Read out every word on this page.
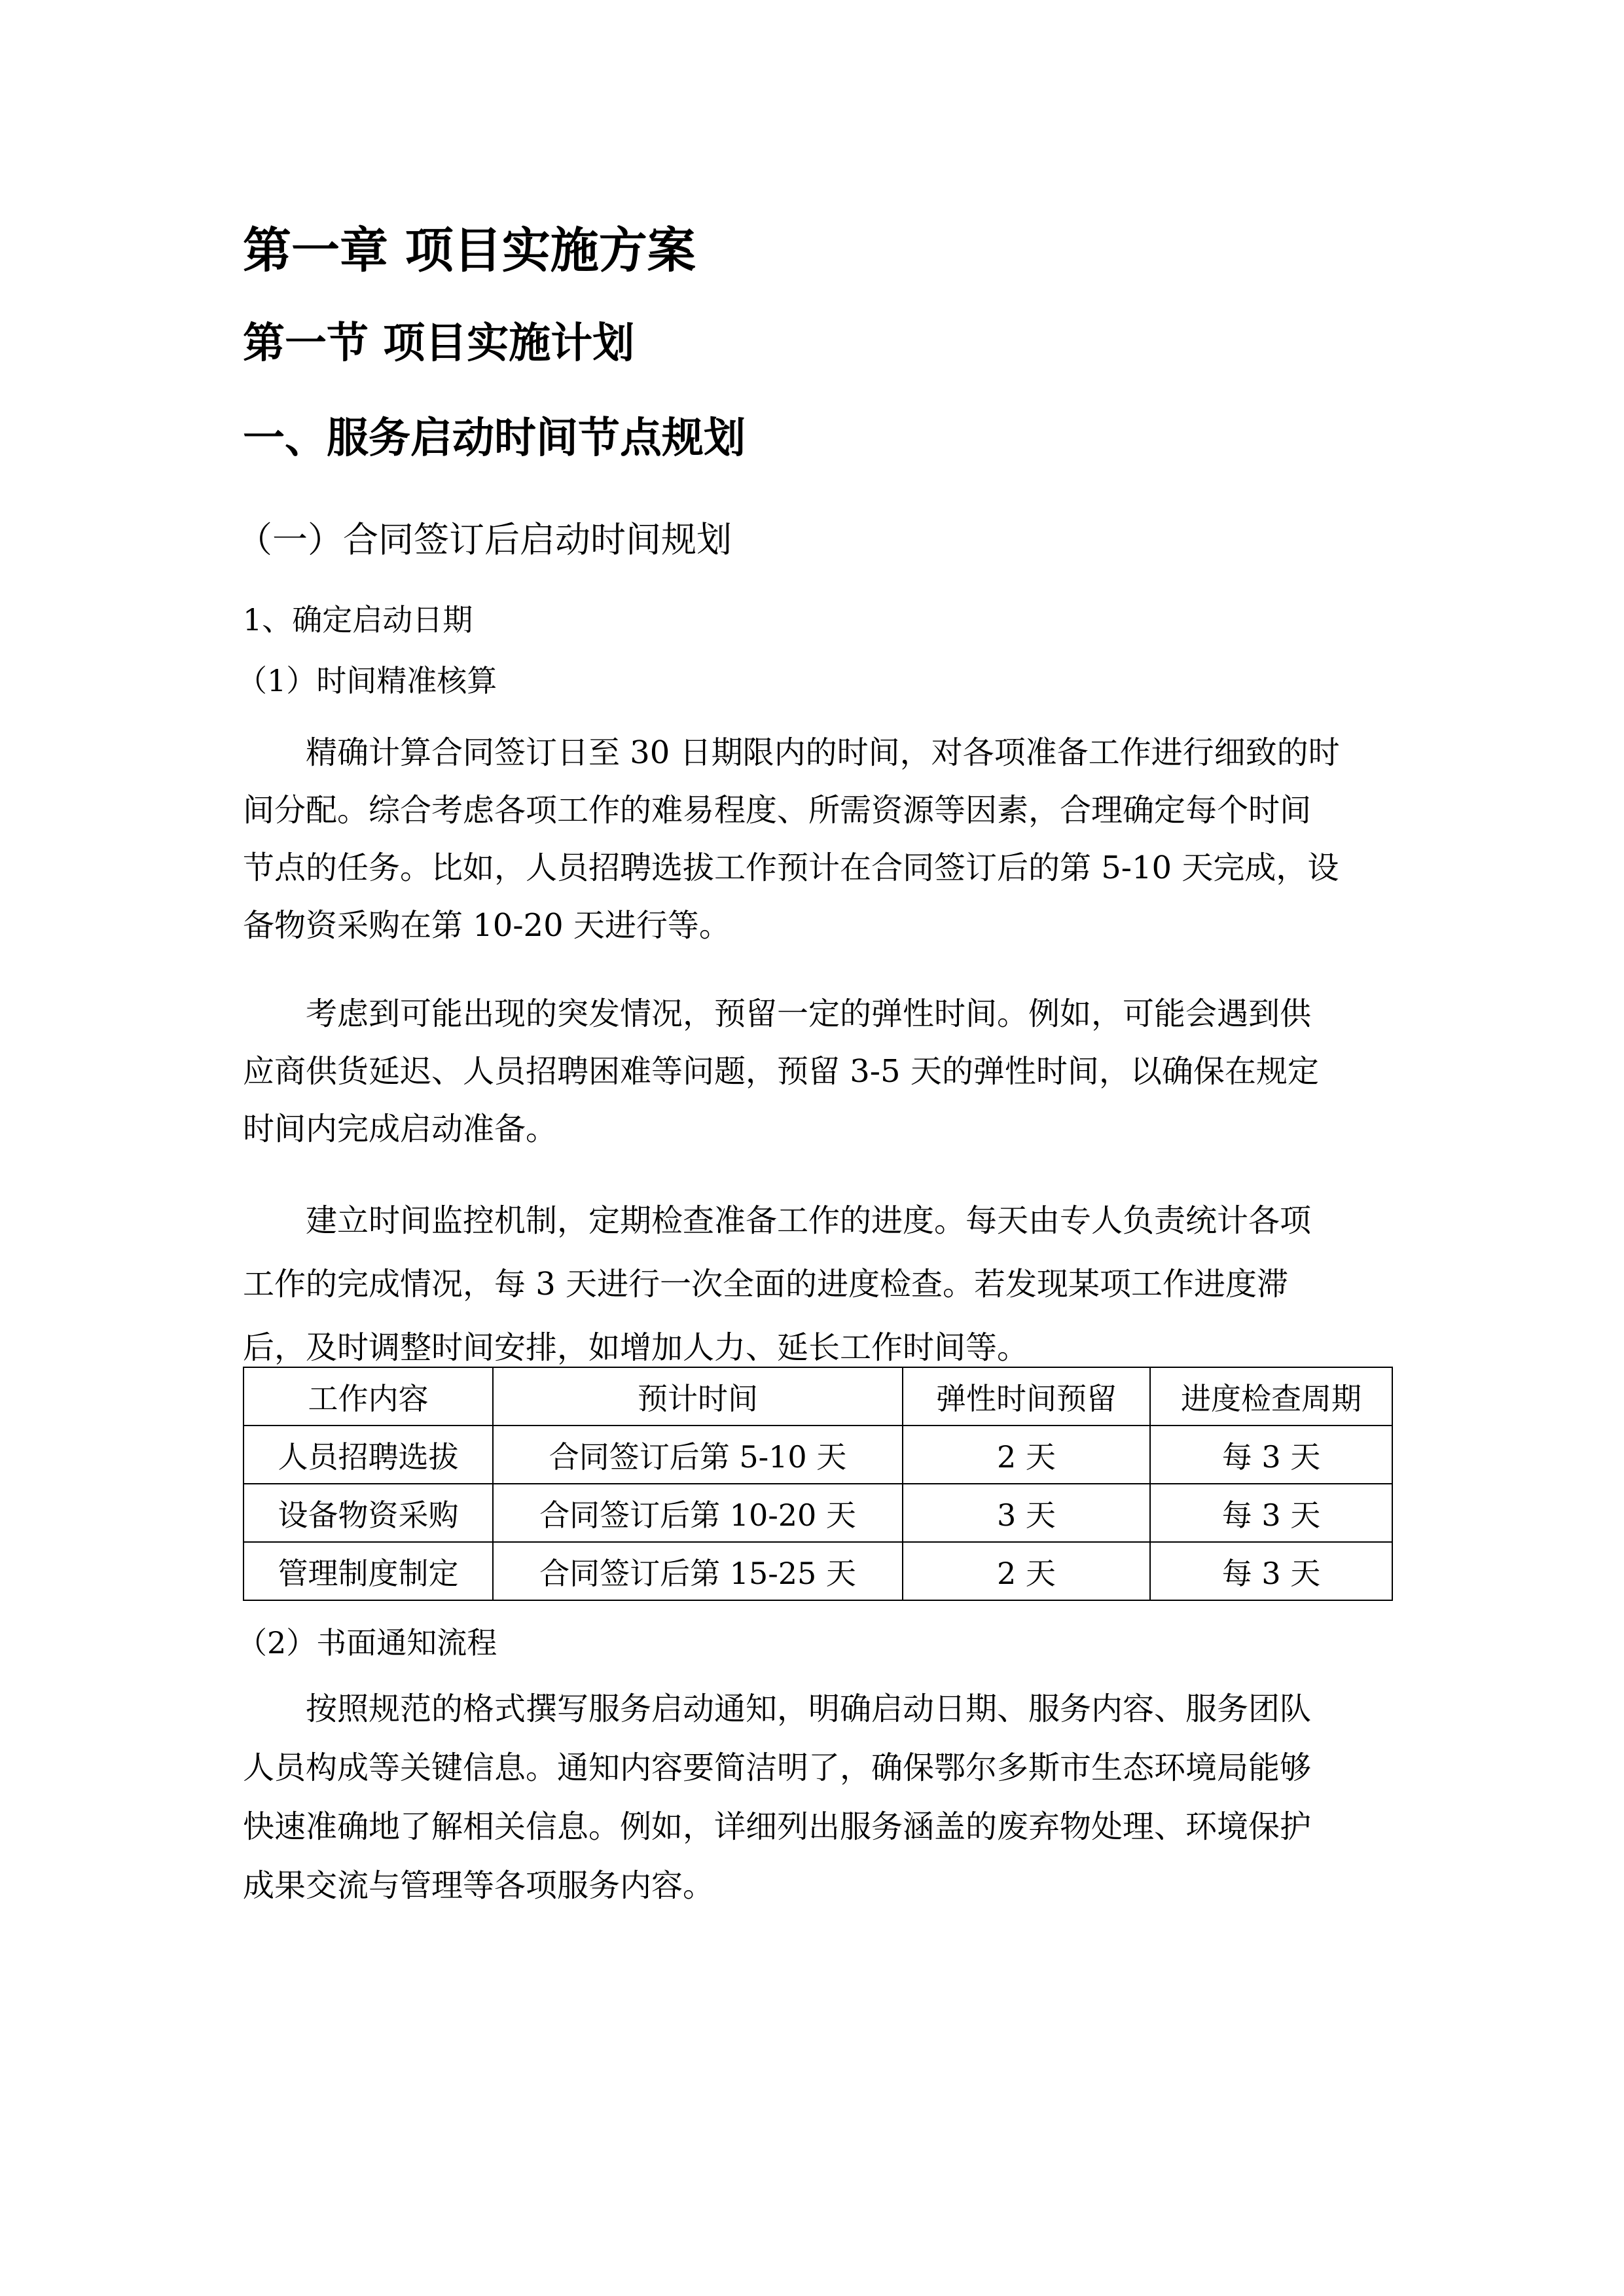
第一章 项目实施方案
第一节 项目实施计划
一、服务启动时间节点规划
（一）合同签订后启动时间规划
1、确定启动日期
（1）时间精准核算
精确计算合同签订日至 30 日期限内的时间，对各项准备工作进行细致的时
间分配。综合考虑各项工作的难易程度、所需资源等因素，合理确定每个时间
节点的任务。比如，人员招聘选拔工作预计在合同签订后的第 5-10 天完成，设
备物资采购在第 10-20 天进行等。
考虑到可能出现的突发情况，预留一定的弹性时间。例如，可能会遇到供
应商供货延迟、人员招聘困难等问题，预留 3-5 天的弹性时间，以确保在规定
时间内完成启动准备。
建立时间监控机制，定期检查准备工作的进度。每天由专人负责统计各项
工作的完成情况，每 3 天进行一次全面的进度检查。若发现某项工作进度滞
后，及时调整时间安排，如增加人力、延长工作时间等。
工作内容	预计时间	弹性时间预留	进度检查周期
人员招聘选拔	合同签订后第 5-10 天	2 天	每 3 天
设备物资采购	合同签订后第 10-20 天	3 天	每 3 天
管理制度制定	合同签订后第 15-25 天	2 天	每 3 天
（2）书面通知流程
按照规范的格式撰写服务启动通知，明确启动日期、服务内容、服务团队
人员构成等关键信息。通知内容要简洁明了，确保鄂尔多斯市生态环境局能够
快速准确地了解相关信息。例如，详细列出服务涵盖的废弃物处理、环境保护
成果交流与管理等各项服务内容。
